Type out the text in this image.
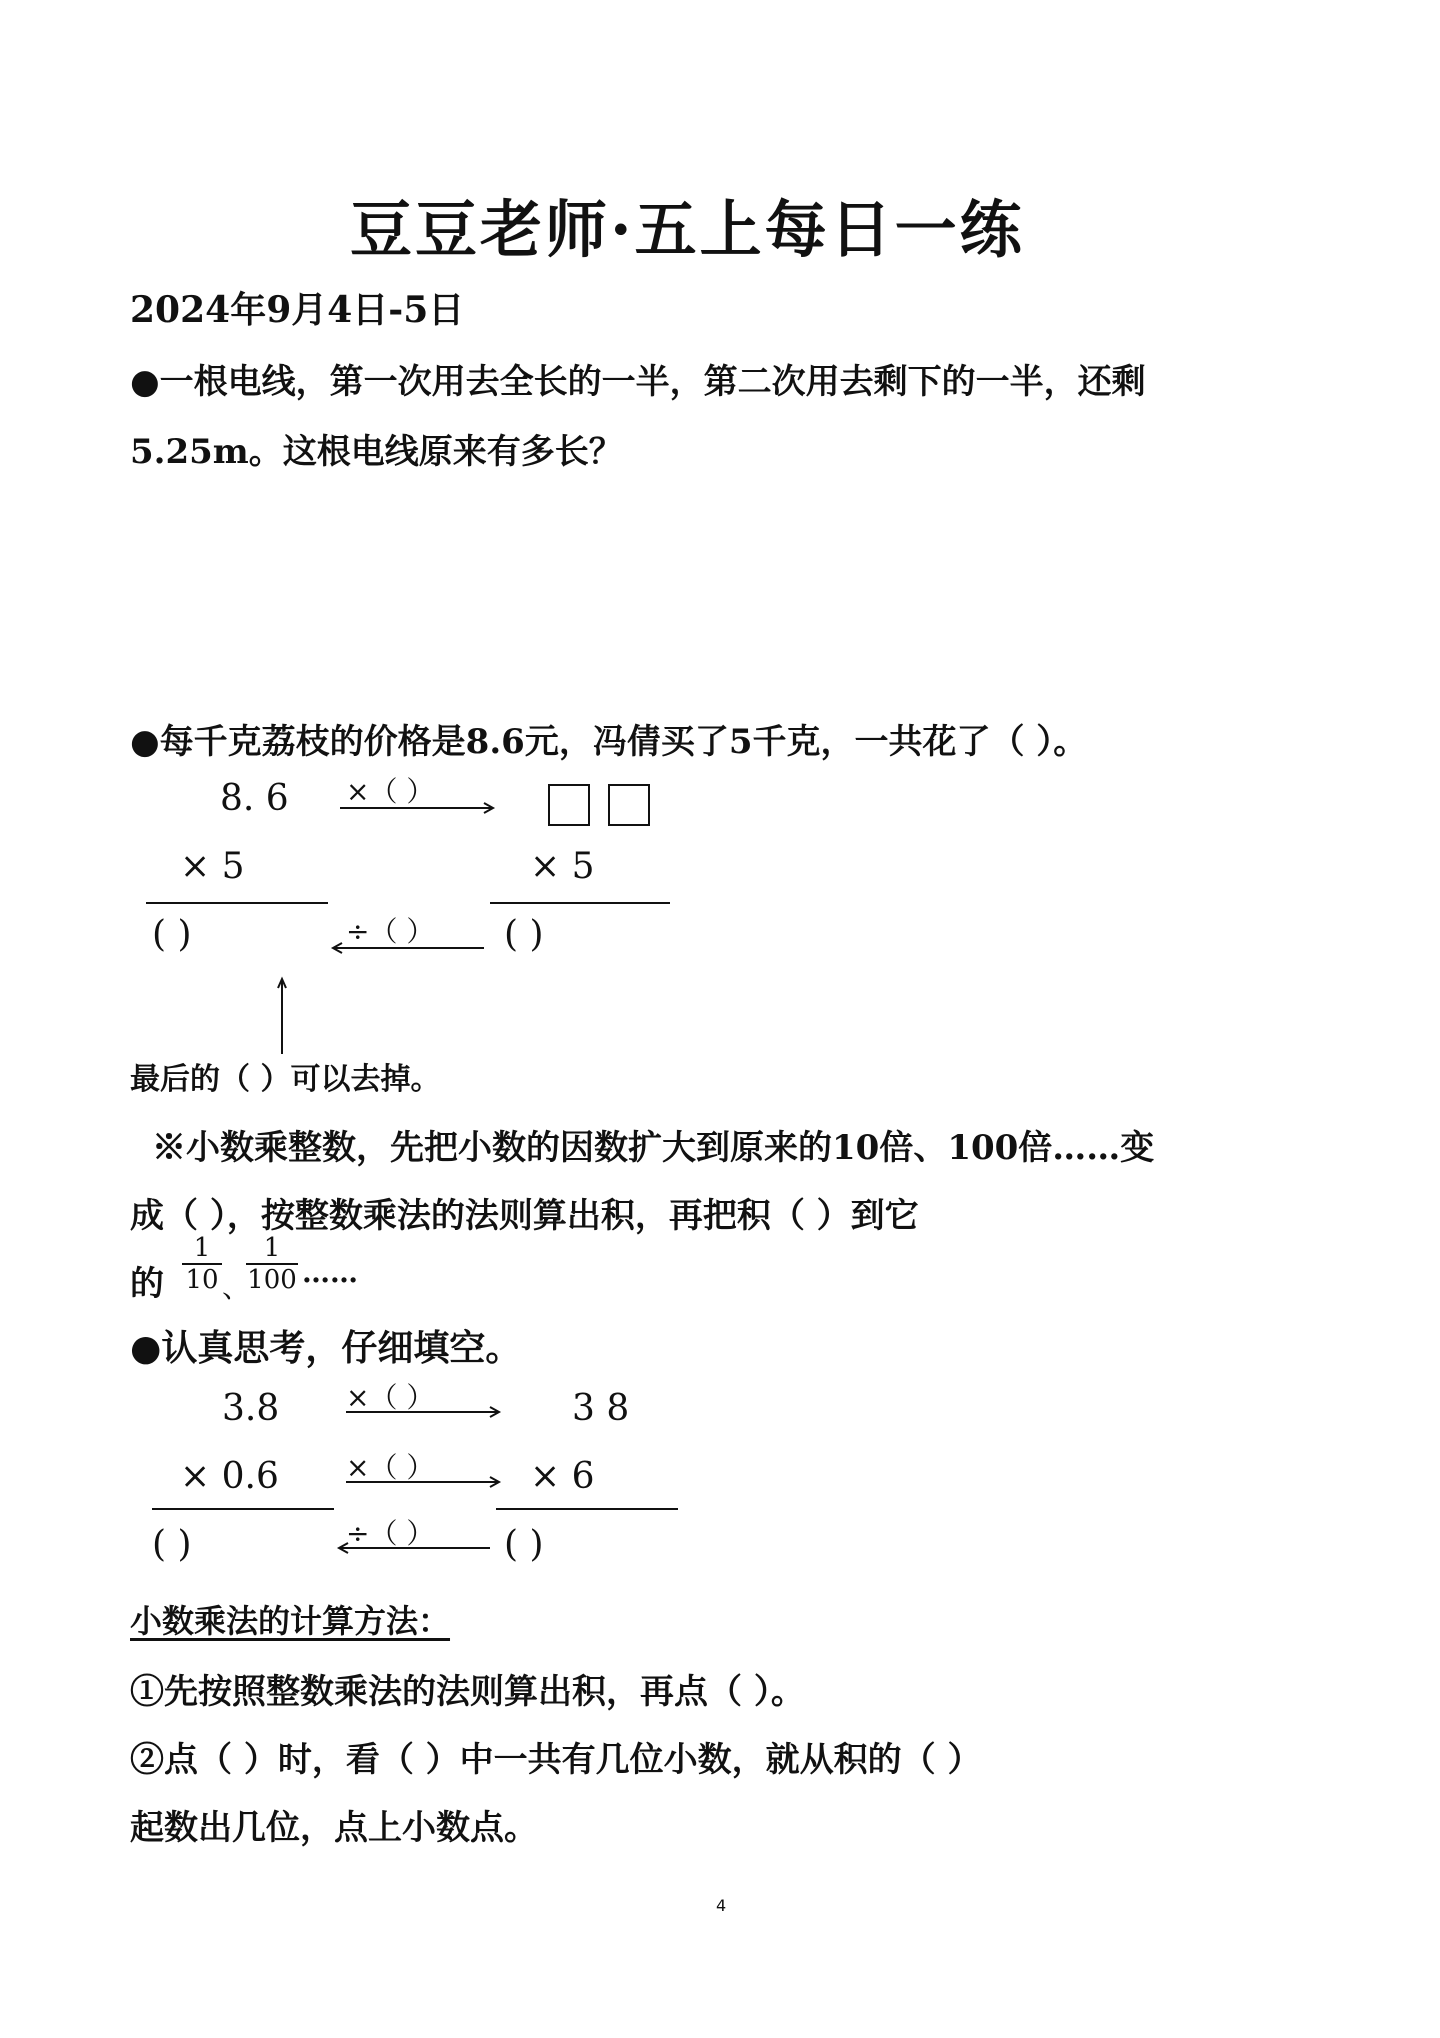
豆豆老师·五上每日一练
2024年9月4日-5日
●一根电线，第一次用去全长的一半，第二次用去剩下的一半，还剩
5.25m。这根电线原来有多长？
●每千克荔枝的价格是8.6元，冯倩买了5千克，一共花了（ ）。
8. 6
× 5
( )
×（ ）
× 5
( )
÷（ ）
最后的（ ）可以去掉。
※小数乘整数，先把小数的因数扩大到原来的10倍、100倍……变
成（ ），按整数乘法的法则算出积，再把积（ ）到它
的
1
10 、
1
100 ……
●认真思考，仔细填空。
3.8
× 0.6
( )
×（ ）
×（ ）
÷（ ）
3 8
× 6
( )
小数乘法的计算方法：
①先按照整数乘法的法则算出积，再点（ ）。
②点（ ）时，看（ ）中一共有几位小数，就从积的（ ）
起数出几位，点上小数点。
4
